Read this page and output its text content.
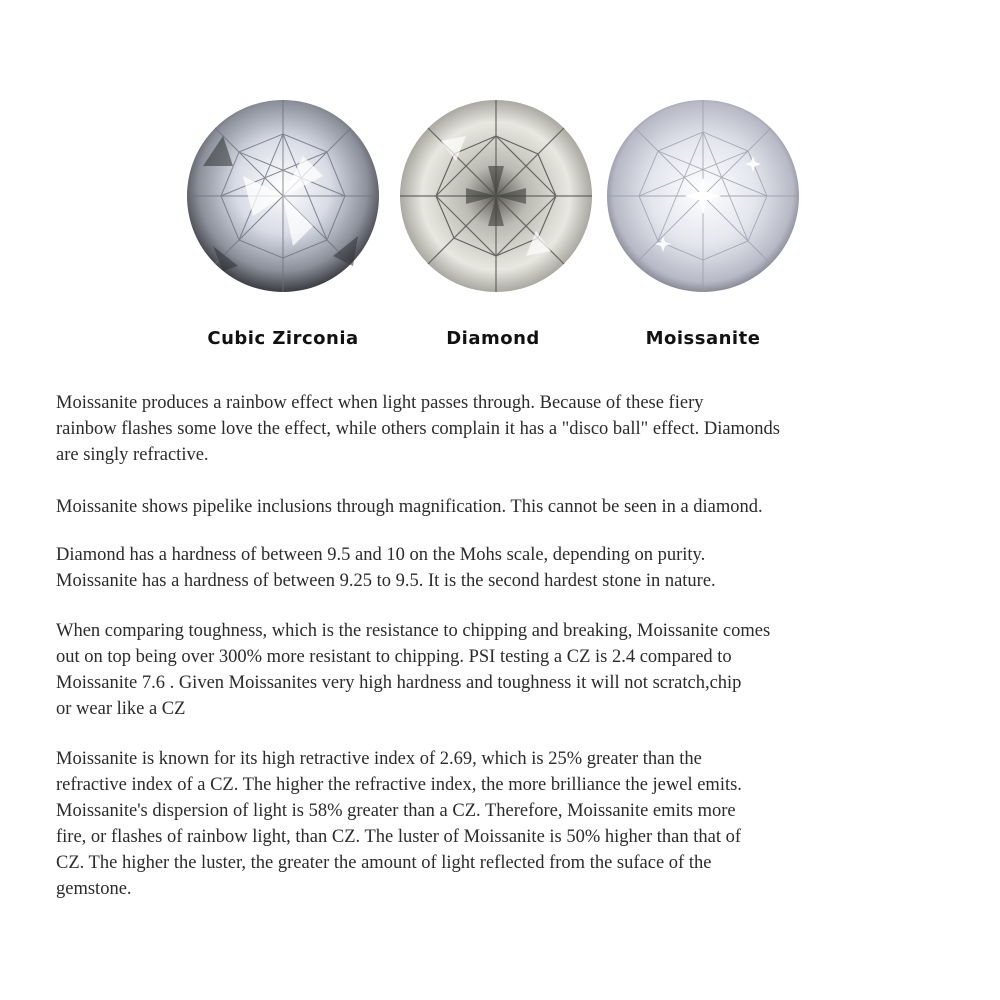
Cubic Zirconia	Diamond	Moissanite

Moissanite produces a rainbow effect when light passes through. Because of these fiery
rainbow flashes some love the effect, while others complain it has a "disco ball" effect. Diamonds
are singly refractive.

Moissanite shows pipelike inclusions through magnification. This cannot be seen in a diamond.

Diamond has a hardness of between 9.5 and 10 on the Mohs scale, depending on purity.
Moissanite has a hardness of between 9.25 to 9.5. It is the second hardest stone in nature.

When comparing toughness, which is the resistance to chipping and breaking, Moissanite comes
out on top being over 300% more resistant to chipping. PSI testing a CZ is 2.4 compared to
Moissanite 7.6 . Given Moissanites very high hardness and toughness it will not scratch,chip
or wear like a CZ

Moissanite is known for its high retractive index of 2.69, which is 25% greater than the
refractive index of a CZ. The higher the refractive index, the more brilliance the jewel emits.
Moissanite's dispersion of light is 58% greater than a CZ. Therefore, Moissanite emits more
fire, or flashes of rainbow light, than CZ. The luster of Moissanite is 50% higher than that of
CZ. The higher the luster, the greater the amount of light reflected from the suface of the
gemstone.
